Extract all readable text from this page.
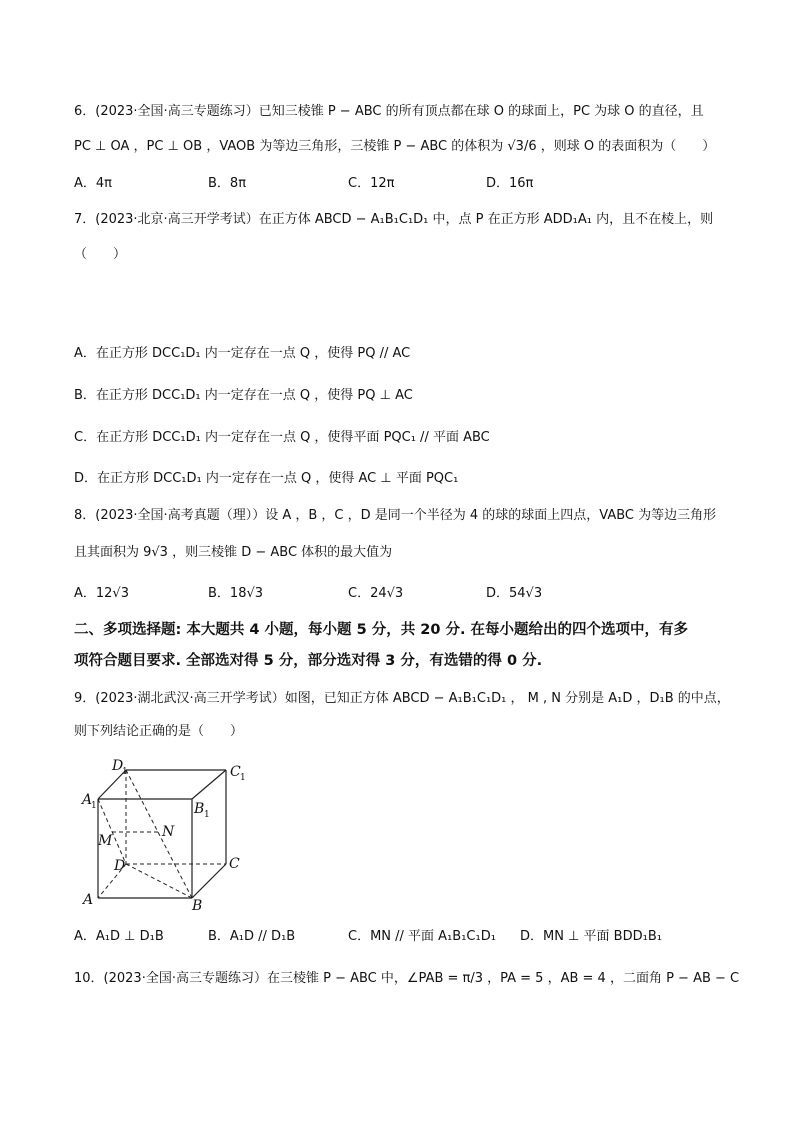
6．(2023·全国·高三专题练习）已知三棱锥 P − ABC 的所有顶点都在球 O 的球面上，PC 为球 O 的直径，且
PC ⊥ OA ，PC ⊥ OB ，VAOB 为等边三角形，三棱锥 P − ABC 的体积为 √3/6 ，则球 O 的表面积为（　　）
A．4π	B．8π	C．12π	D．16π
7．(2023·北京·高三开学考试）在正方体 ABCD − A₁B₁C₁D₁ 中，点 P 在正方形 ADD₁A₁ 内，且不在棱上，则
（　　）
A．在正方形 DCC₁D₁ 内一定存在一点 Q ，使得 PQ // AC
B．在正方形 DCC₁D₁ 内一定存在一点 Q ，使得 PQ ⊥ AC
C．在正方形 DCC₁D₁ 内一定存在一点 Q ，使得平面 PQC₁ // 平面 ABC
D．在正方形 DCC₁D₁ 内一定存在一点 Q ，使得 AC ⊥ 平面 PQC₁
8．(2023·全国·高考真题（理））设 A ，B ，C ，D 是同一个半径为 4 的球的球面上四点，VABC 为等边三角形
且其面积为 9√3 ，则三棱锥 D − ABC 体积的最大值为
A．12√3	B．18√3	C．24√3	D．54√3
二、多项选择题: 本大题共 4 小题，每小题 5 分，共 20 分. 在每小题给出的四个选项中，有多
项符合题目要求. 全部选对得 5 分，部分选对得 3 分，有选错的得 0 分.
9．(2023·湖北武汉·高三开学考试）如图，已知正方体 ABCD − A₁B₁C₁D₁ ， M , N 分别是 A₁D ，D₁B 的中点，
则下列结论正确的是（　　）
D
1	C 1
A
1	B 1
M
N
D	C
A	B
A．A₁D ⊥ D₁B	B．A₁D // D₁B	C．MN // 平面 A₁B₁C₁D₁ D．MN ⊥ 平面 BDD₁B₁
10．(2023·全国·高三专题练习）在三棱锥 P − ABC 中，∠PAB = π/3 ，PA = 5 ，AB = 4 ，二面角 P − AB − C
